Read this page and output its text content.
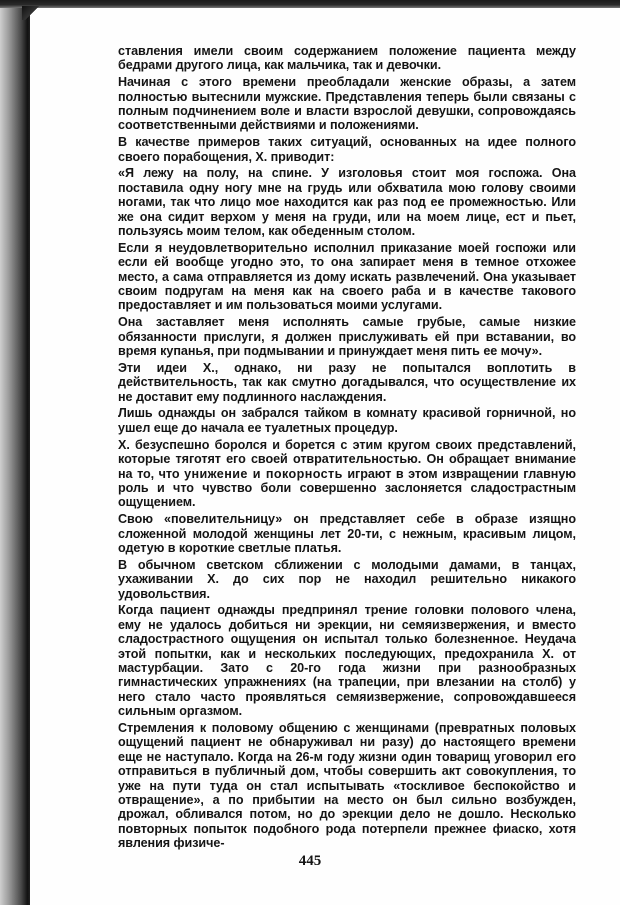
ставления имели своим содержанием положение пациента между бедрами другого лица, как мальчика, так и девочки.

Начиная с этого времени преобладали женские образы, а затем полностью вытеснили мужские. Представления теперь были связаны с полным подчинением воле и власти взрослой девушки, сопровождаясь соответственными действиями и положениями.

В качестве примеров таких ситуаций, основанных на идее полного своего порабощения, Х. приводит:

«Я лежу на полу, на спине. У изголовья стоит моя госпожа. Она поставила одну ногу мне на грудь или обхватила мою голову своими ногами, так что лицо мое находится как раз под ее промежностью. Или же она сидит верхом у меня на груди, или на моем лице, ест и пьет, пользуясь моим телом, как обеденным столом.

Если я неудовлетворительно исполнил приказание моей госпожи или если ей вообще угодно это, то она запирает меня в темное отхожее место, а сама отправляется из дому искать развлечений. Она указывает своим подругам на меня как на своего раба и в качестве такового предоставляет и им пользоваться моими услугами.

Она заставляет меня исполнять самые грубые, самые низкие обязанности прислуги, я должен прислуживать ей при вставании, во время купанья, при подмывании и принуждает меня пить ее мочу».

Эти идеи Х., однако, ни разу не попытался воплотить в действительность, так как смутно догадывался, что осуществление их не доставит ему подлинного наслаждения.

Лишь однажды он забрался тайком в комнату красивой горничной, но ушел еще до начала ее туалетных процедур.

Х. безуспешно боролся и борется с этим кругом своих представлений, которые тяготят его своей отвратительностью. Он обращает внимание на то, что унижение и покорность играют в этом извращении главную роль и что чувство боли совершенно заслоняется сладострастным ощущением.

Свою «повелительницу» он представляет себе в образе изящно сложенной молодой женщины лет 20-ти, с нежным, красивым лицом, одетую в короткие светлые платья.

В обычном светском сближении с молодыми дамами, в танцах, ухаживании Х. до сих пор не находил решительно никакого удовольствия.

Когда пациент однажды предпринял трение головки полового члена, ему не удалось добиться ни эрекции, ни семяизвержения, и вместо сладострастного ощущения он испытал только болезненное. Неудача этой попытки, как и нескольких последующих, предохранила Х. от мастурбации. Зато с 20-го года жизни при разнообразных гимнастических упражнениях (на трапеции, при влезании на столб) у него стало часто проявляться семяизвержение, сопровождавшееся сильным оргазмом.

Стремления к половому общению с женщинами (превратных половых ощущений пациент не обнаруживал ни разу) до настоящего времени еще не наступало. Когда на 26-м году жизни один товарищ уговорил его отправиться в публичный дом, чтобы совершить акт совокупления, то уже на пути туда он стал испытывать «тоскливое беспокойство и отвращение», а по прибытии на место он был сильно возбужден, дрожал, обливался потом, но до эрекции дело не дошло. Несколько повторных попыток подобного рода потерпели прежнее фиаско, хотя явления физиче-

445
